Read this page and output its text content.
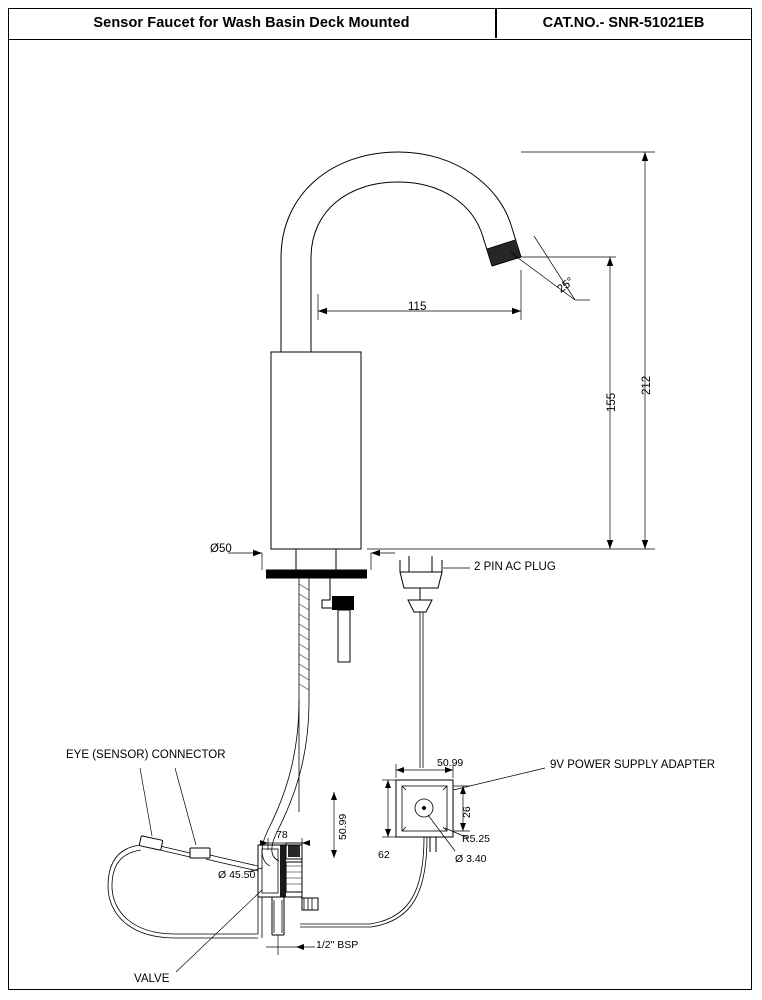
Sensor Faucet for Wash Basin Deck Mounted	CAT.NO.- SNR-51021EB
115
25°
155
212
Ø50
50.99
50.99
26
62
R5.25
Ø 3.40
78
Ø 45.50
1/2" BSP
2 PIN AC PLUG
9V POWER SUPPLY ADAPTER
EYE (SENSOR) CONNECTOR
VALVE
